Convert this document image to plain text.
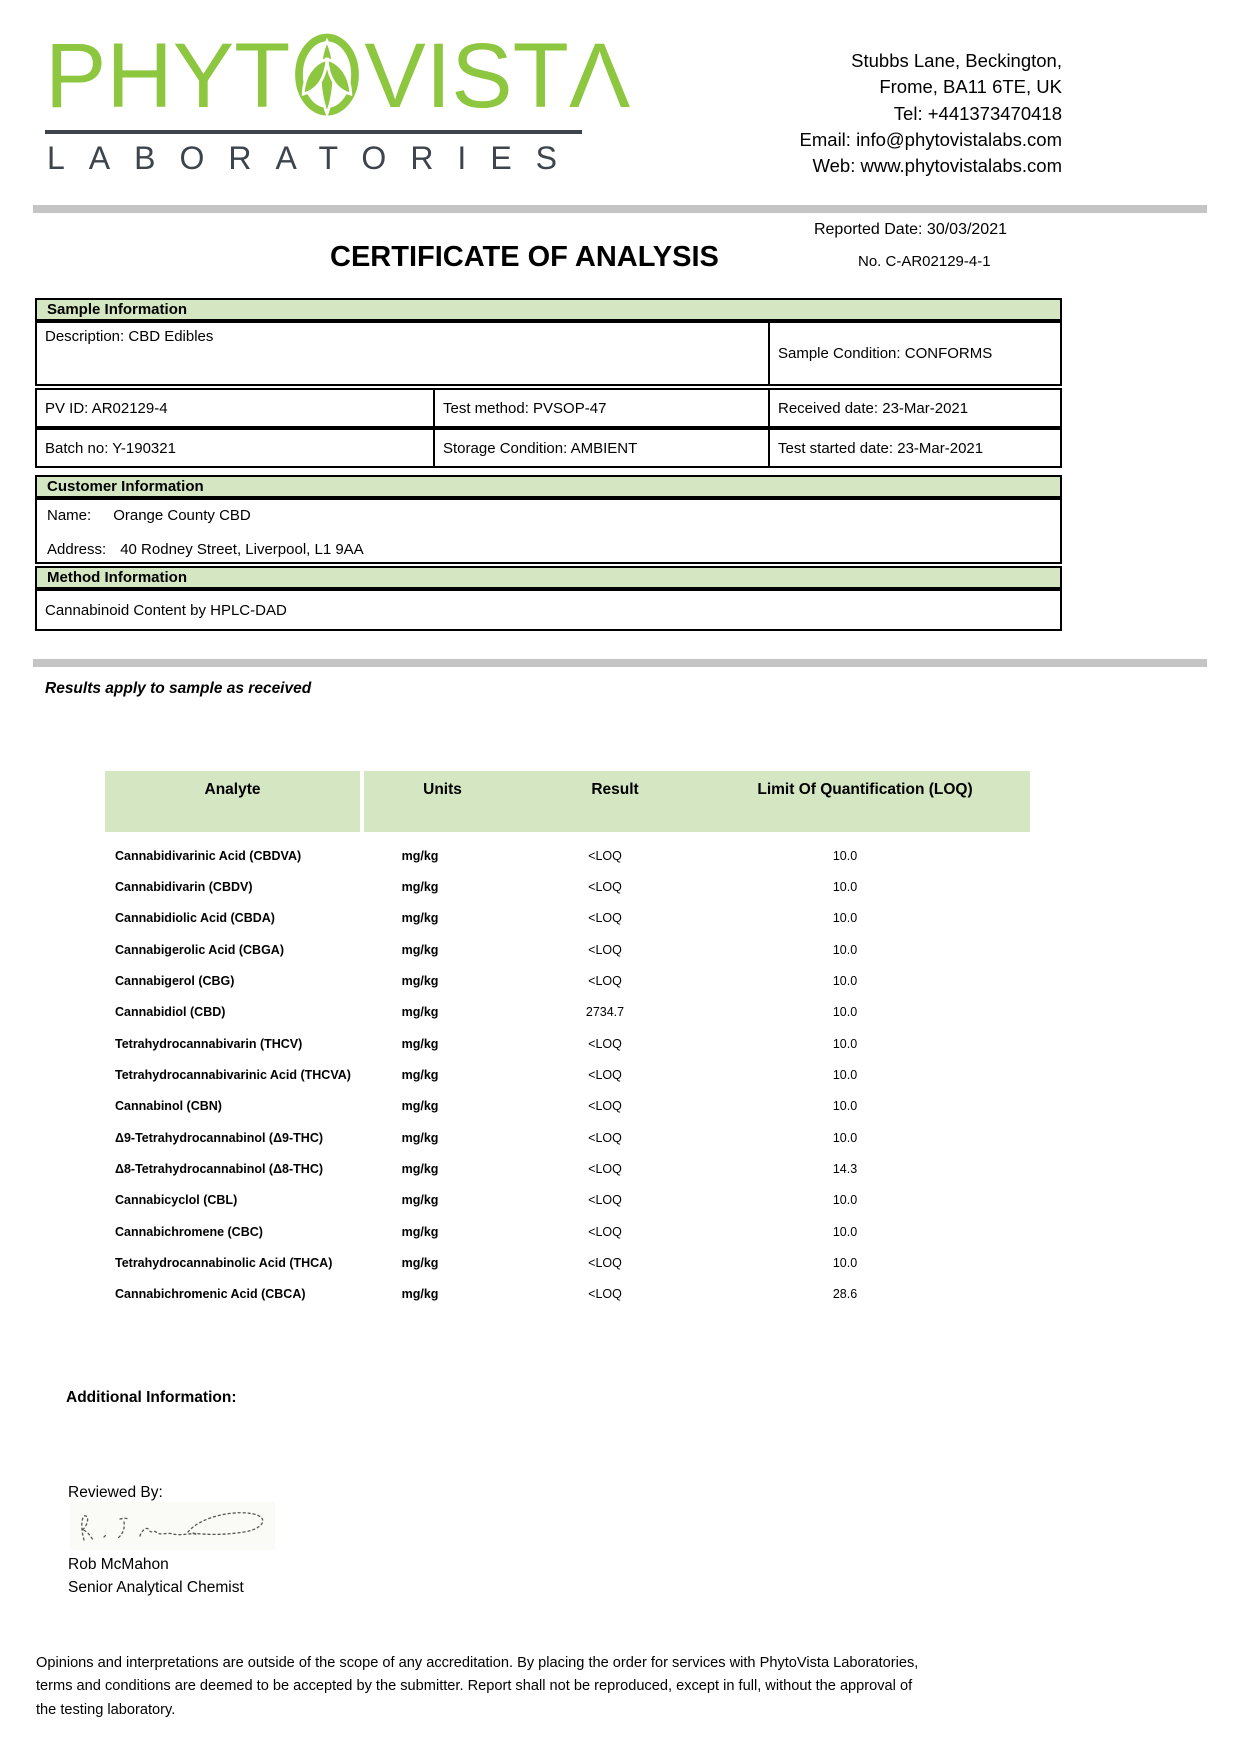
PHYT VISTΛ
LABORATORIES
Stubbs Lane, Beckington,
Frome, BA11 6TE, UK
Tel: +441373470418
Email: info@phytovistalabs.com
Web: www.phytovistalabs.com
Reported Date: 30/03/2021
CERTIFICATE OF ANALYSIS	No. C-AR02129-4-1
Sample Information
Description: CBD Edibles
Sample Condition: CONFORMS
PV ID: AR02129-4	Test method: PVSOP-47	Received date: 23-Mar-2021
Batch no: Y-190321	Storage Condition: AMBIENT	Test started date: 23-Mar-2021
Customer Information
Name: Orange County CBD
Address: 40 Rodney Street, Liverpool, L1 9AA
Method Information
Cannabinoid Content by HPLC-DAD
Results apply to sample as received
Analyte	Units	Result	Limit Of Quantification (LOQ)
Cannabidivarinic Acid (CBDVA)	mg/kg	<LOQ	10.0
Cannabidivarin (CBDV)	mg/kg	<LOQ	10.0
Cannabidiolic Acid (CBDA)	mg/kg	<LOQ	10.0
Cannabigerolic Acid (CBGA)	mg/kg	<LOQ	10.0
Cannabigerol (CBG)	mg/kg	<LOQ	10.0
Cannabidiol (CBD)	mg/kg	2734.7	10.0
Tetrahydrocannabivarin (THCV)	mg/kg	<LOQ	10.0
Tetrahydrocannabivarinic Acid (THCVA)	mg/kg	<LOQ	10.0
Cannabinol (CBN)	mg/kg	<LOQ	10.0
Δ9-Tetrahydrocannabinol (Δ9-THC)	mg/kg	<LOQ	10.0
Δ8-Tetrahydrocannabinol (Δ8-THC)	mg/kg	<LOQ	14.3
Cannabicyclol (CBL)	mg/kg	<LOQ	10.0
Cannabichromene (CBC)	mg/kg	<LOQ	10.0
Tetrahydrocannabinolic Acid (THCA)	mg/kg	<LOQ	10.0
Cannabichromenic Acid (CBCA)	mg/kg	<LOQ	28.6
Additional Information:
Reviewed By:
Rob McMahon
Senior Analytical Chemist
Opinions and interpretations are outside of the scope of any accreditation. By placing the order for services with PhytoVista Laboratories,
terms and conditions are deemed to be accepted by the submitter. Report shall not be reproduced, except in full, without the approval of
the testing laboratory.
